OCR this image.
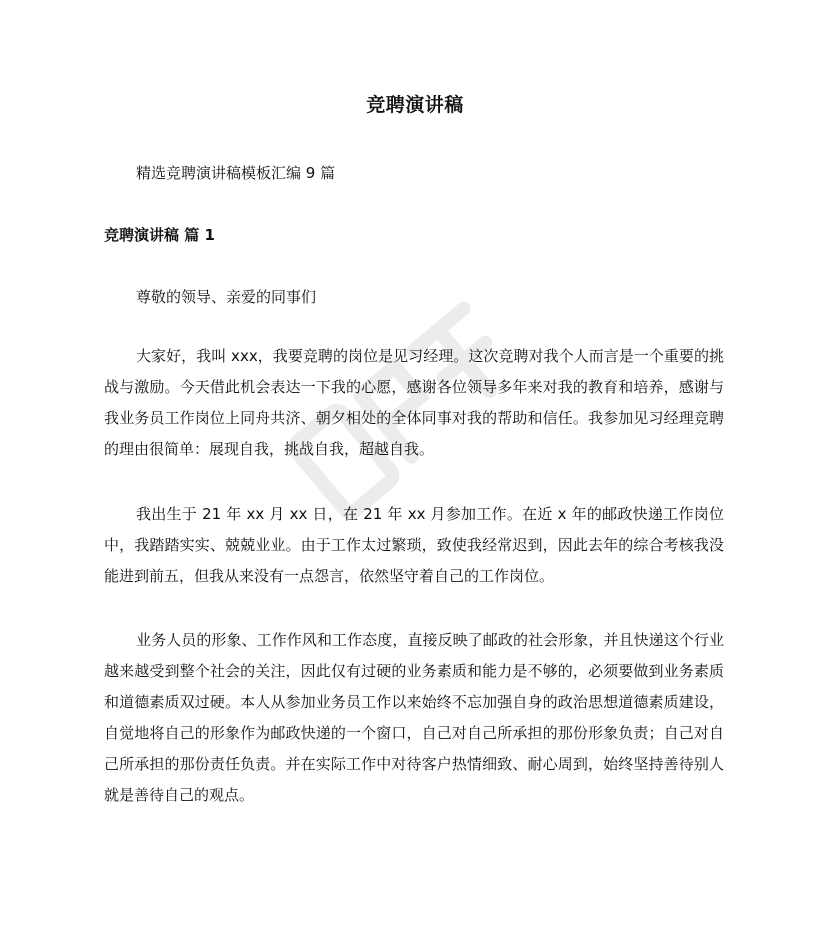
竞聘演讲稿
精选竞聘演讲稿模板汇编 9 篇
竞聘演讲稿 篇 1
尊敬的领导、亲爱的同事们

大家好，我叫 xxx，我要竞聘的岗位是见习经理。这次竞聘对我个人而言是一个重要的挑战与激励。今天借此机会表达一下我的心愿，感谢各位领导多年来对我的教育和培养，感谢与我业务员工作岗位上同舟共济、朝夕相处的全体同事对我的帮助和信任。我参加见习经理竞聘的理由很简单：展现自我，挑战自我，超越自我。

我出生于 21 年 xx 月 xx 日，在 21 年 xx 月参加工作。在近 x 年的邮政快递工作岗位中，我踏踏实实、兢兢业业。由于工作太过繁琐，致使我经常迟到，因此去年的综合考核我没能进到前五，但我从来没有一点怨言，依然坚守着自己的工作岗位。

业务人员的形象、工作作风和工作态度，直接反映了邮政的社会形象，并且快递这个行业越来越受到整个社会的关注，因此仅有过硬的业务素质和能力是不够的，必须要做到业务素质和道德素质双过硬。本人从参加业务员工作以来始终不忘加强自身的政治思想道德素质建设，自觉地将自己的形象作为邮政快递的一个窗口，自己对自己所承担的那份形象负责；自己对自己所承担的那份责任负责。并在实际工作中对待客户热情细致、耐心周到，始终坚持善待别人就是善待自己的观点。
